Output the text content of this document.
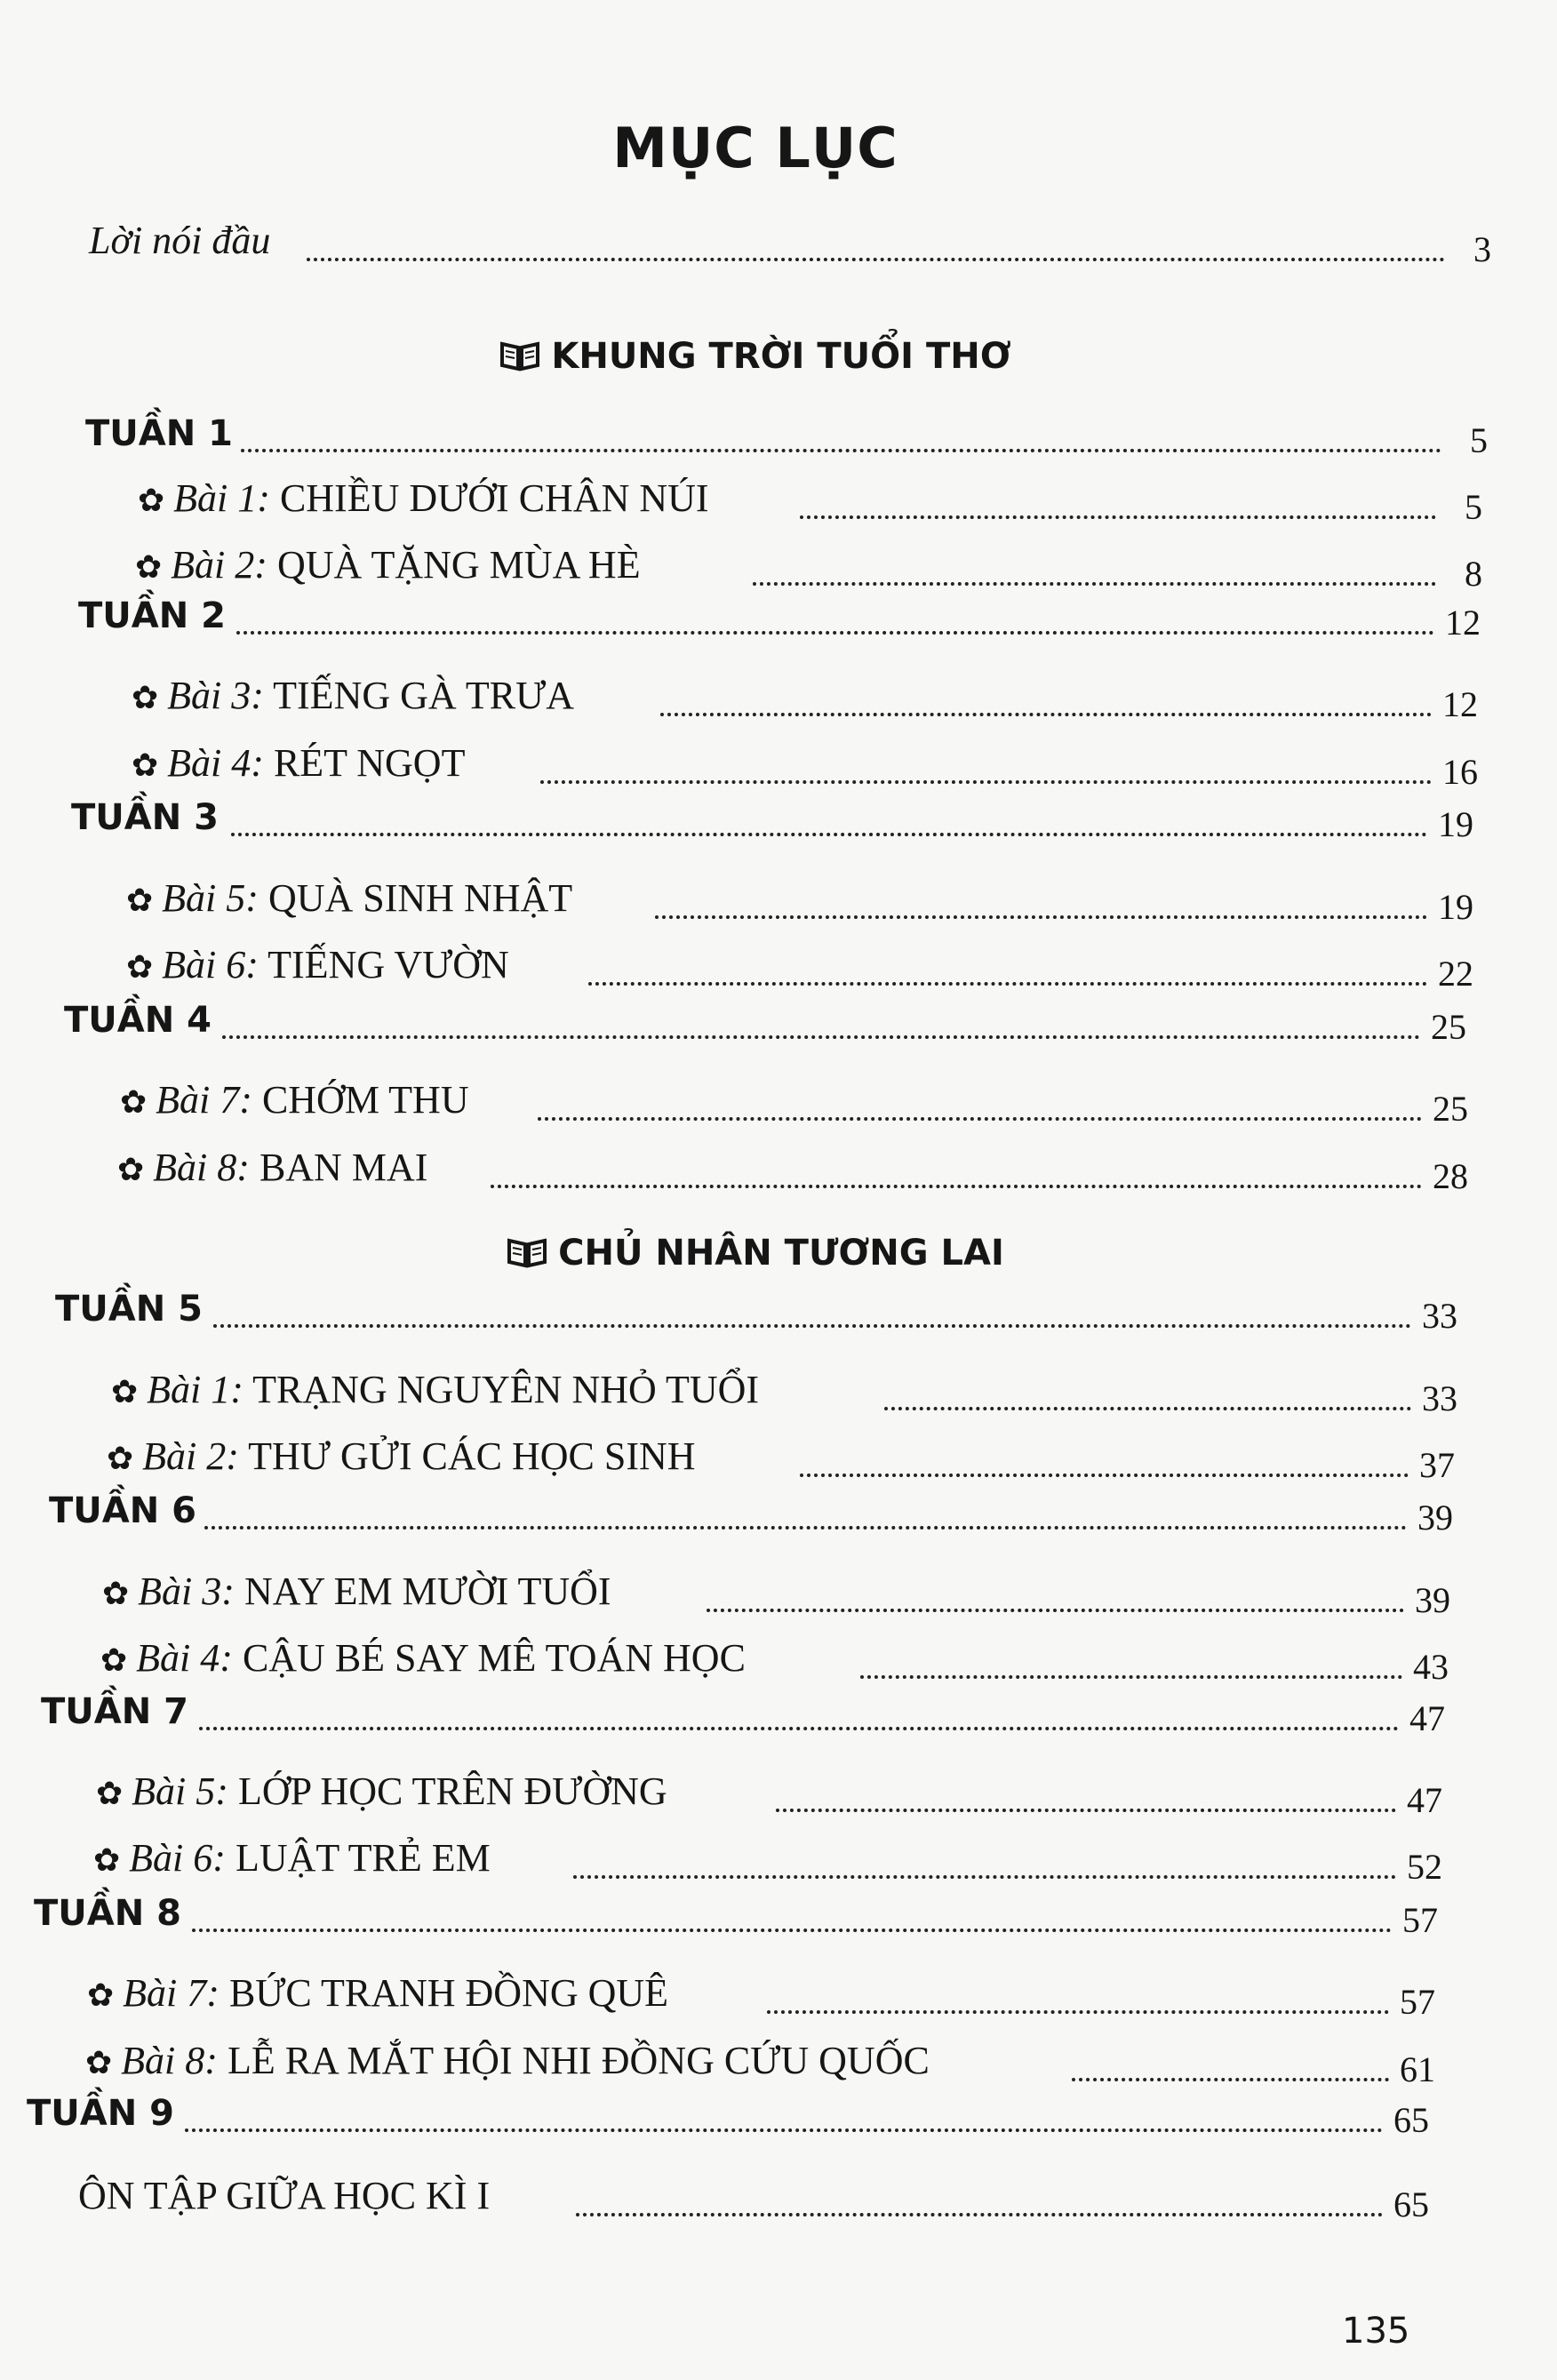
MỤC LỤC
Lời nói đầu	3
KHUNG TRỜI TUỔI THƠ
TUẦN 1	5
✿ Bài 1: CHIỀU DƯỚI CHÂN NÚI	5
✿ Bài 2: QUÀ TẶNG MÙA HÈ	8
TUẦN 2	12
✿ Bài 3: TIẾNG GÀ TRƯA	12
✿ Bài 4: RÉT NGỌT	16
TUẦN 3	19
✿ Bài 5: QUÀ SINH NHẬT	19
✿ Bài 6: TIẾNG VƯỜN	22
TUẦN 4	25
✿ Bài 7: CHỚM THU	25
✿ Bài 8: BAN MAI	28
CHỦ NHÂN TƯƠNG LAI
TUẦN 5	33
✿ Bài 1: TRẠNG NGUYÊN NHỎ TUỔI	33
✿ Bài 2: THƯ GỬI CÁC HỌC SINH	37
TUẦN 6	39
✿ Bài 3: NAY EM MƯỜI TUỔI	39
✿ Bài 4: CẬU BÉ SAY MÊ TOÁN HỌC	43
TUẦN 7	47
✿ Bài 5: LỚP HỌC TRÊN ĐƯỜNG	47
✿ Bài 6: LUẬT TRẺ EM	52
TUẦN 8	57
✿ Bài 7: BỨC TRANH ĐỒNG QUÊ	57
✿ Bài 8: LỄ RA MẮT HỘI NHI ĐỒNG CỨU QUỐC	61
TUẦN 9	65
ÔN TẬP GIỮA HỌC KÌ I	65
135
